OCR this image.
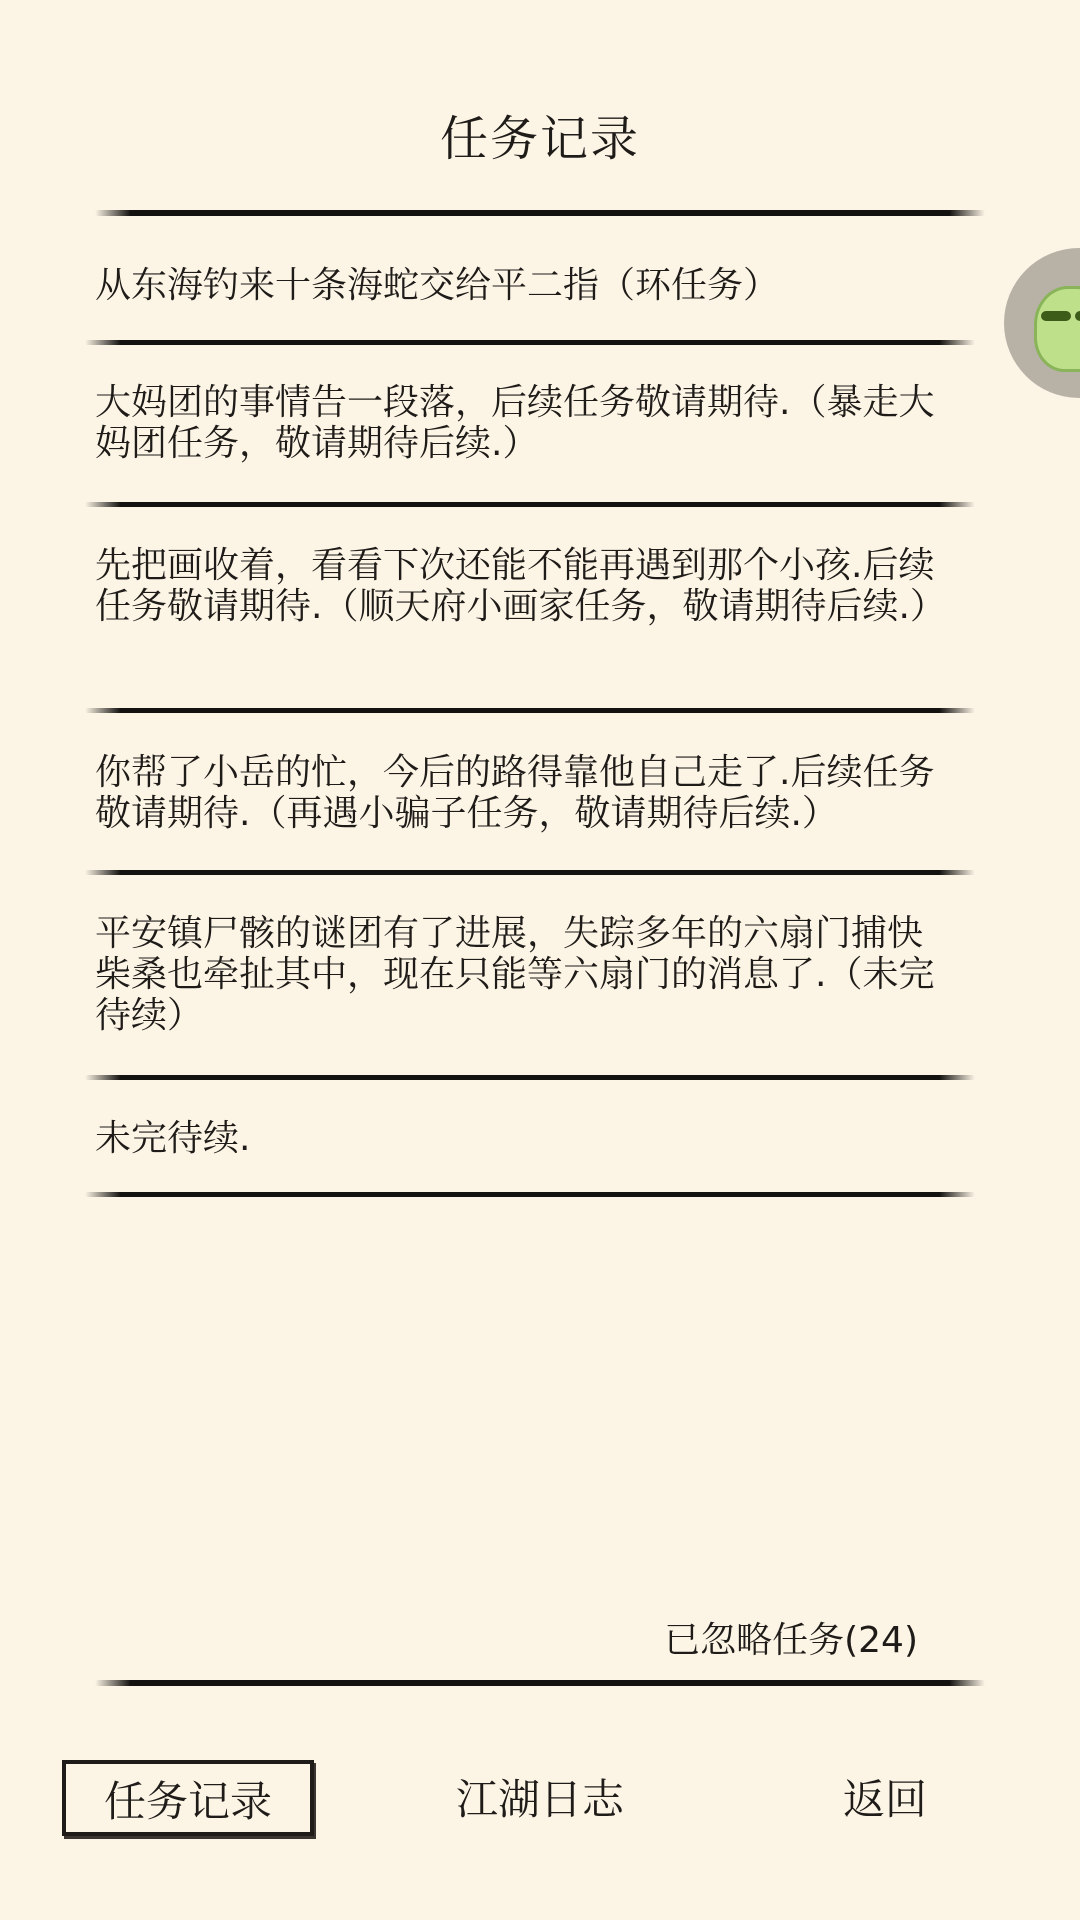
任务记录
从东海钓来十条海蛇交给平二指（环任务）
大妈团的事情告一段落，后续任务敬请期待.（暴走大妈团任务，敬请期待后续.）
先把画收着，看看下次还能不能再遇到那个小孩.后续任务敬请期待.（顺天府小画家任务，敬请期待后续.）
你帮了小岳的忙，今后的路得靠他自己走了.后续任务敬请期待.（再遇小骗子任务，敬请期待后续.）
平安镇尸骸的谜团有了进展，失踪多年的六扇门捕快柴桑也牵扯其中，现在只能等六扇门的消息了.（未完待续）
未完待续.
已忽略任务(24)
任务记录	江湖日志	返回
